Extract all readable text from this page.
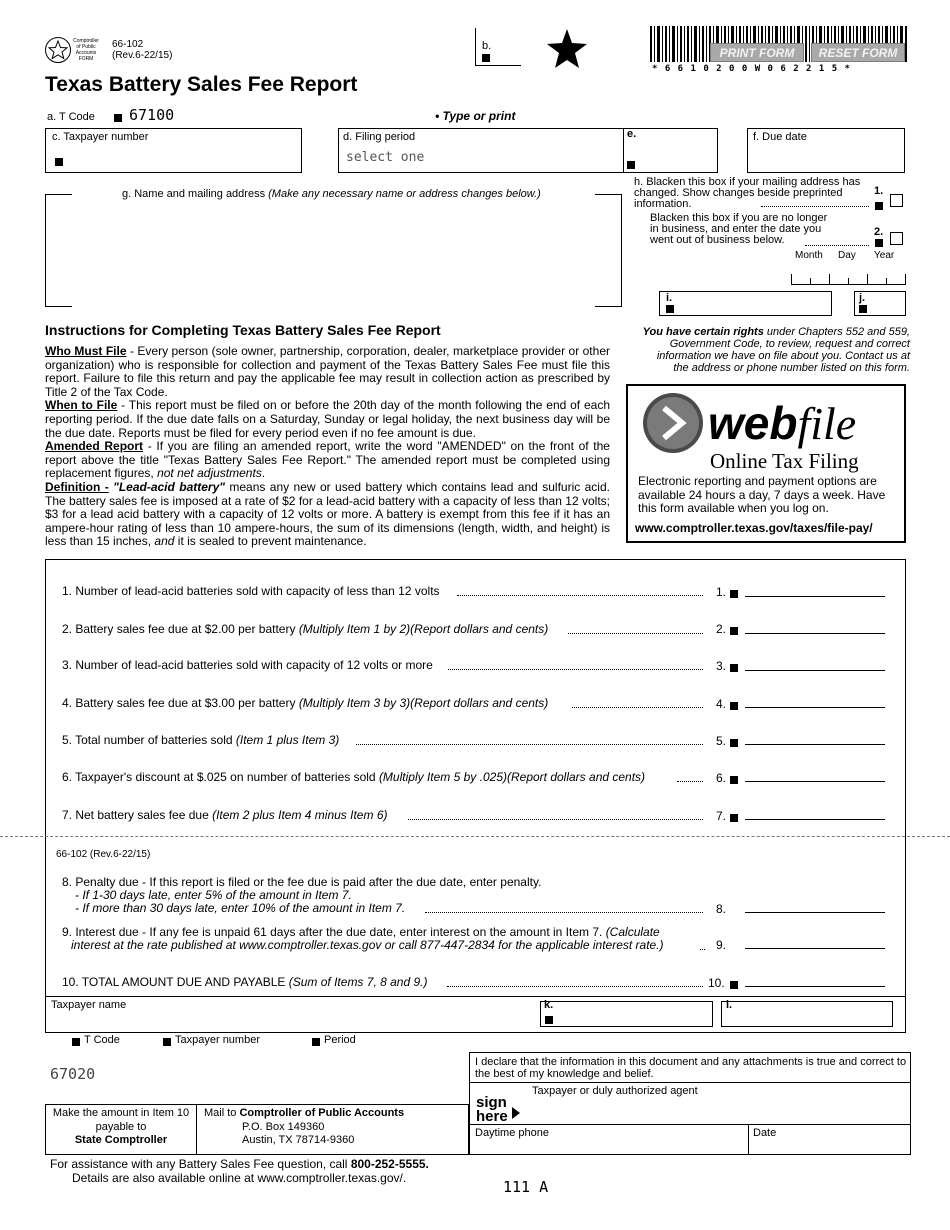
Comptroller of Public Accounts FORM
66-102
(Rev.6-22/15)
b.	PRINT FORM	RESET FORM
* 6 6 1 0 2 0 0 W 0 6 2 2 1 5 *
Texas Battery Sales Fee Report
a. T Code 67100	• Type or print
c. Taxpayer number	d. Filing period
select one
e.	f. Due date
g. Name and mailing address (Make any necessary name or address changes below.)
h. Blacken this box if your mailing address has changed. Show changes beside preprinted information.
1.
Blacken this box if you are no longer in business, and enter the date you went out of business below.
2.
Month Day Year
i.	j.
Instructions for Completing Texas Battery Sales Fee Report
Who Must File - Every person (sole owner, partnership, corporation, dealer, marketplace provider or other organization) who is responsible for collection and payment of the Texas Battery Sales Fee must file this report. Failure to file this return and pay the applicable fee may result in collection action as prescribed by Title 2 of the Tax Code.
When to File - This report must be filed on or before the 20th day of the month following the end of each reporting period. If the due date falls on a Saturday, Sunday or legal holiday, the next business day will be the due date. Reports must be filed for every period even if no fee amount is due.
Amended Report - If you are filing an amended report, write the word "AMENDED" on the front of the report above the title "Texas Battery Sales Fee Report." The amended report must be completed using replacement figures, not net adjustments.
Definition - "Lead-acid battery" means any new or used battery which contains lead and sulfuric acid. The battery sales fee is imposed at a rate of $2 for a lead-acid battery with a capacity of less than 12 volts; $3 for a lead acid battery with a capacity of 12 volts or more. A battery is exempt from this fee if it has an ampere-hour rating of less than 10 ampere-hours, the sum of its dimensions (length, width, and height) is less than 15 inches, and it is sealed to prevent maintenance.
You have certain rights under Chapters 552 and 559, Government Code, to review, request and correct information we have on file about you. Contact us at the address or phone number listed on this form.
webfile
Online Tax Filing
Electronic reporting and payment options are available 24 hours a day, 7 days a week. Have this form available when you log on.
www.comptroller.texas.gov/taxes/file-pay/
1. Number of lead-acid batteries sold with capacity of less than 12 volts	1.
2. Battery sales fee due at $2.00 per battery (Multiply Item 1 by 2)(Report dollars and cents)	2.
3. Number of lead-acid batteries sold with capacity of 12 volts or more	3.
4. Battery sales fee due at $3.00 per battery (Multiply Item 3 by 3)(Report dollars and cents)	4.
5. Total number of batteries sold (Item 1 plus Item 3)	5.
6. Taxpayer's discount at $.025 on number of batteries sold (Multiply Item 5 by .025)(Report dollars and cents)	6.
7. Net battery sales fee due (Item 2 plus Item 4 minus Item 6)	7.
66-102 (Rev.6-22/15)
8. Penalty due - If this report is filed or the fee due is paid after the due date, enter penalty.
- If 1-30 days late, enter 5% of the amount in Item 7.
- If more than 30 days late, enter 10% of the amount in Item 7.	8.
9. Interest due - If any fee is unpaid 61 days after the due date, enter interest on the amount in Item 7. (Calculate
interest at the rate published at www.comptroller.texas.gov or call 877-447-2834 for the applicable interest rate.)	9.
10. TOTAL AMOUNT DUE AND PAYABLE (Sum of Items 7, 8 and 9.)	10.
Taxpayer name	k.	l.
T Code	Taxpayer number	Period
67020
I declare that the information in this document and any attachments is true and correct to the best of my knowledge and belief.
Taxpayer or duly authorized agent
sign here
Daytime phone	Date
Make the amount in Item 10
payable to
State Comptroller
Mail to Comptroller of Public Accounts
P.O. Box 149360
Austin, TX 78714-9360
For assistance with any Battery Sales Fee question, call 800-252-5555.
Details are also available online at www.comptroller.texas.gov/.	111 A
